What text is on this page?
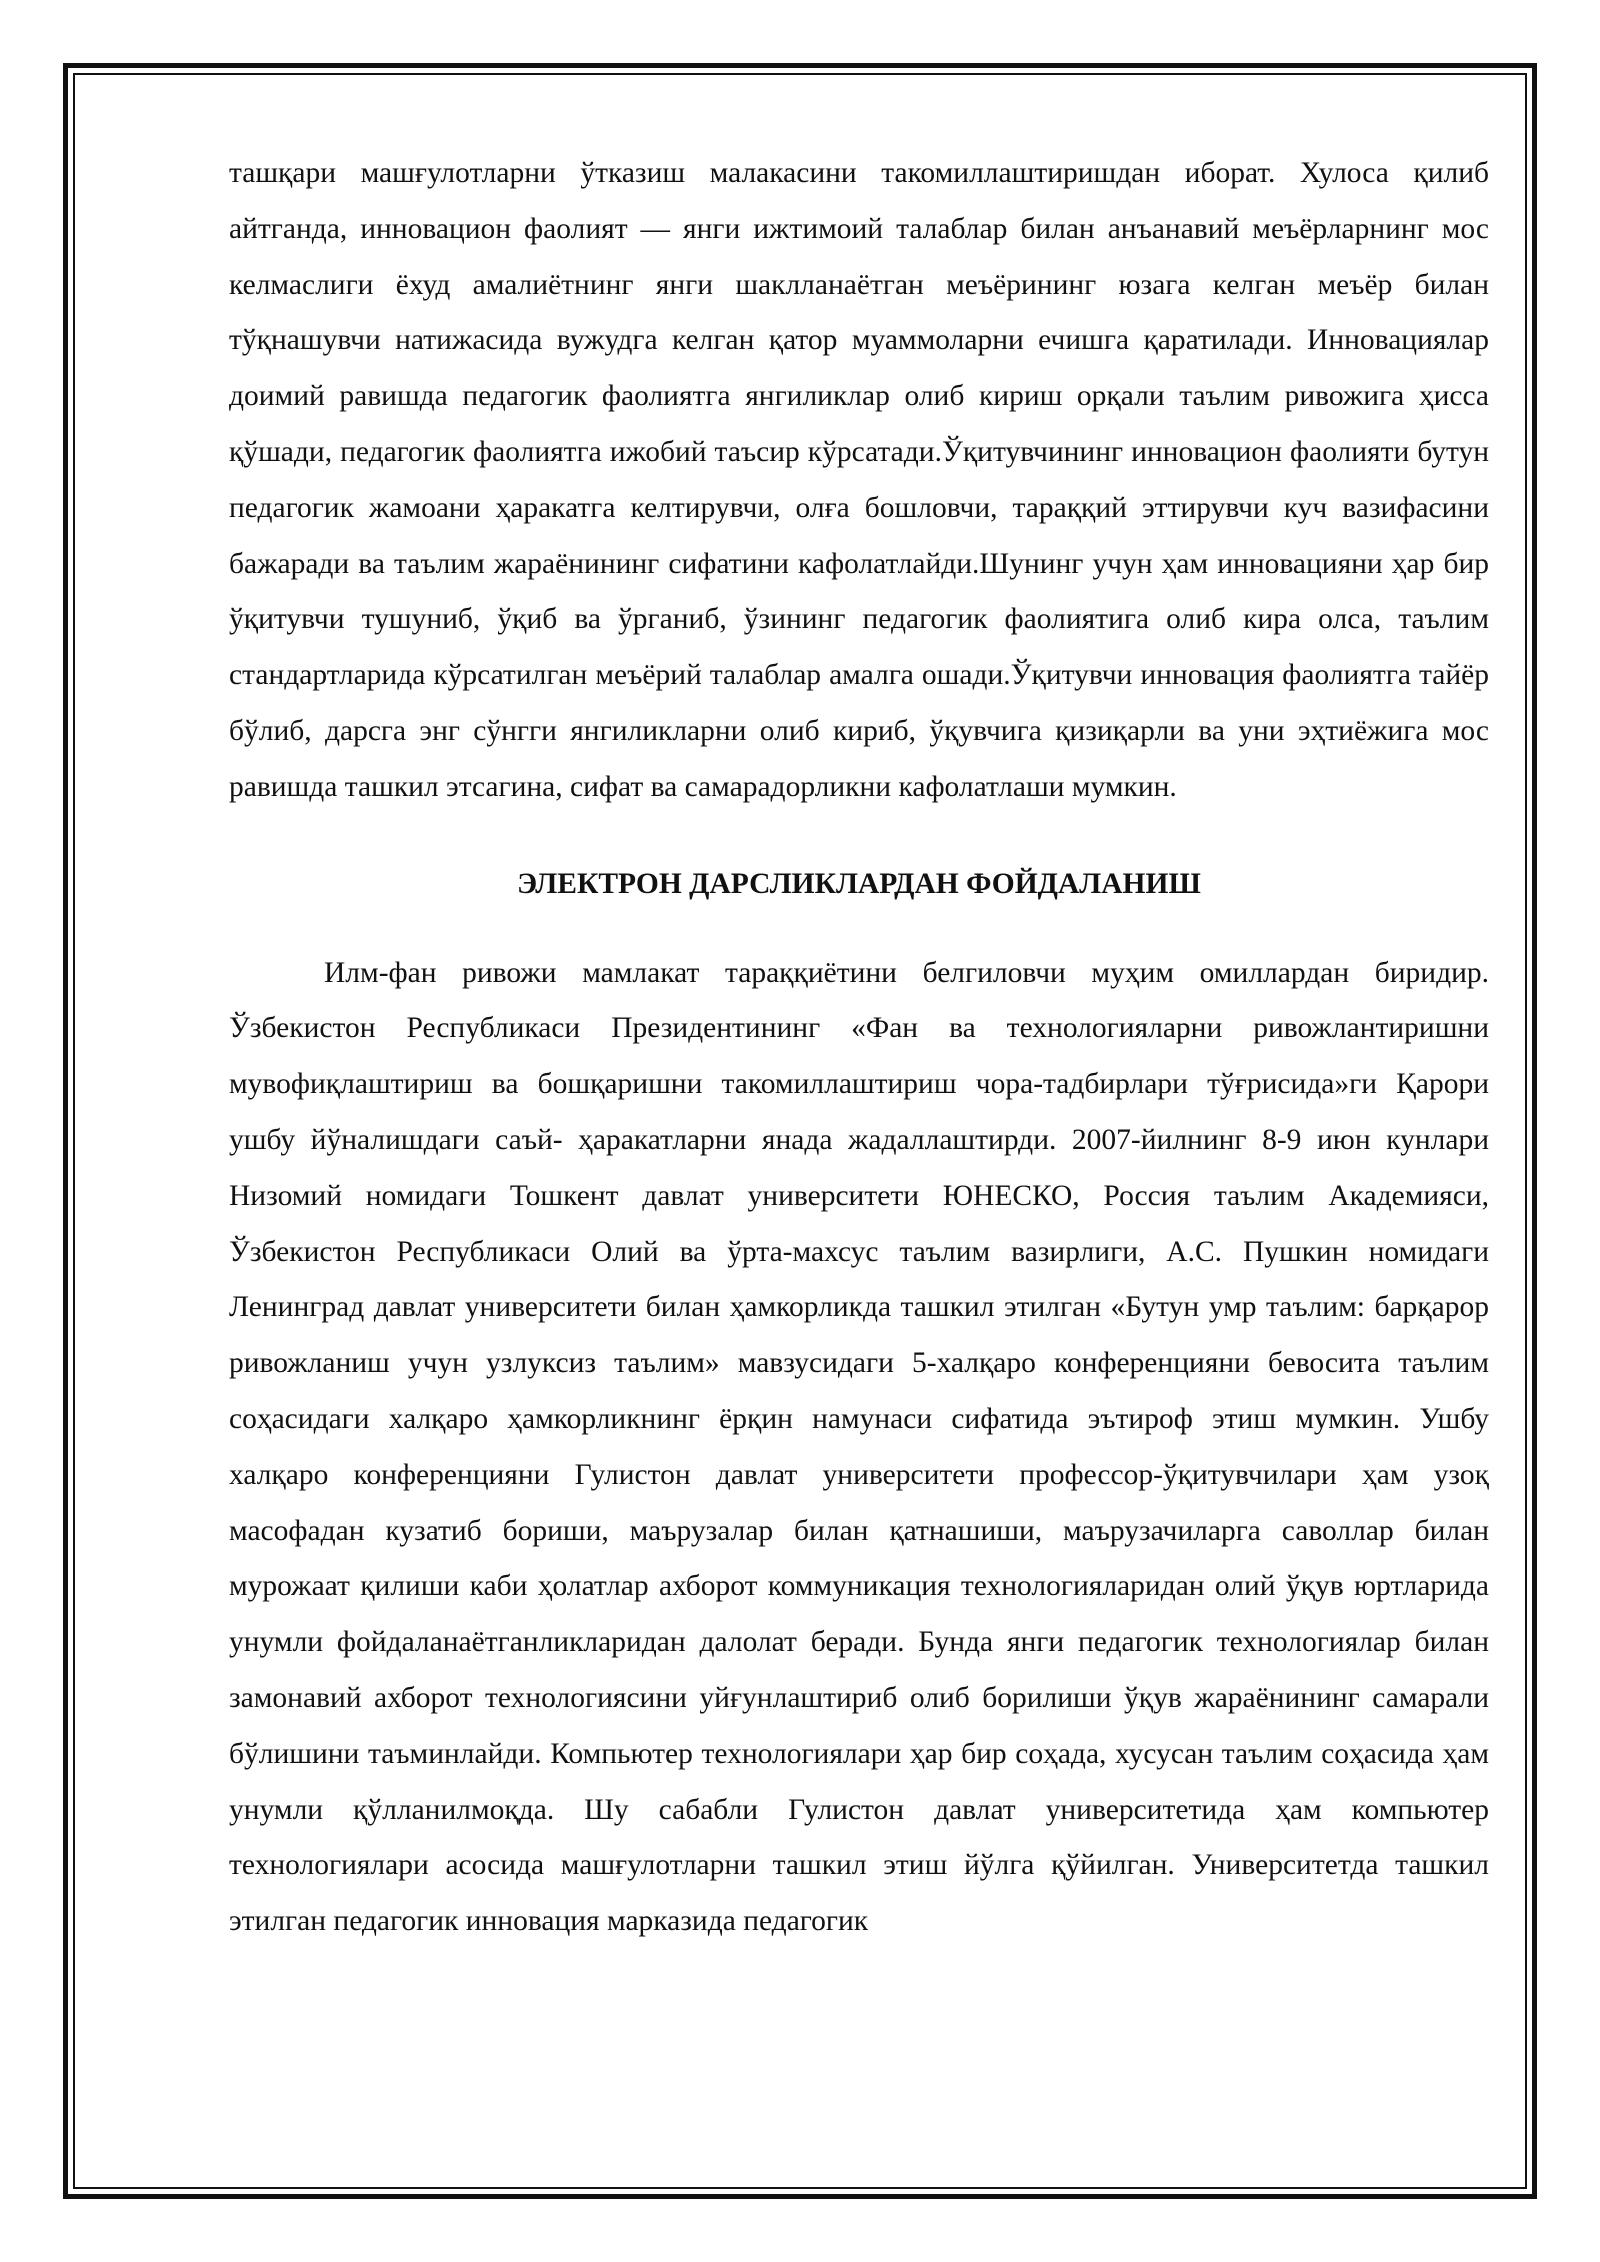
ташқари машғулотларни ўтказиш малакасини такомиллаштиришдан иборат. Хулоса қилиб айтганда, инновацион фаолият — янги ижтимоий талаблар билан анъанавий меъёрларнинг мос келмаслиги ёхуд амалиётнинг янги шаклланаётган меъёрининг юзага келган меъёр билан тўқнашувчи натижасида вужудга келган қатор муаммоларни ечишга қаратилади. Инновациялар доимий равишда педагогик фаолиятга янгиликлар олиб кириш орқали таълим ривожига ҳисса қўшади, педагогик фаолиятга ижобий таъсир кўрсатади.Ўқитувчининг инновацион фаолияти бутун педагогик жамоани ҳаракатга келтирувчи, олға бошловчи, тараққий эттирувчи куч вазифасини бажаради ва таълим жараёнининг сифатини кафолатлайди.Шунинг учун ҳам инновацияни ҳар бир ўқитувчи тушуниб, ўқиб ва ўрганиб, ўзининг педагогик фаолиятига олиб кира олса, таълим стандартларида кўрсатилган меъёрий талаблар амалга ошади.Ўқитувчи инновация фаолиятга тайёр бўлиб, дарсга энг сўнгги янгиликларни олиб кириб, ўқувчига қизиқарли ва уни эҳтиёжига мос равишда ташкил этсагина, сифат ва самарадорликни кафолатлаши мумкин.

ЭЛЕКТРОН ДАРСЛИКЛАРДАН ФОЙДАЛАНИШ

Илм-фан ривожи мамлакат тараққиётини белгиловчи муҳим омиллардан биридир. Ўзбекистон Республикаси Президентининг «Фан ва технологияларни ривожлантиришни мувофиқлаштириш ва бошқаришни такомиллаштириш чора-тадбирлари тўғрисида»ги Қарори ушбу йўналишдаги саъй- ҳаракатларни янада жадаллаштирди. 2007-йилнинг 8-9 июн кунлари Низомий номидаги Тошкент давлат университети ЮНЕСКО, Россия таълим Академияси, Ўзбекистон Республикаси Олий ва ўрта-махсус таълим вазирлиги, А.С. Пушкин номидаги Ленинград давлат университети билан ҳамкорликда ташкил этилган «Бутун умр таълим: барқарор ривожланиш учун узлуксиз таълим» мавзусидаги 5-халқаро конференцияни бевосита таълим соҳасидаги халқаро ҳамкорликнинг ёрқин намунаси сифатида эътироф этиш мумкин. Ушбу халқаро конференцияни Гулистон давлат университети профессор-ўқитувчилари ҳам узоқ масофадан кузатиб бориши, маърузалар билан қатнашиши, маърузачиларга саволлар билан мурожаат қилиши каби ҳолатлар ахборот коммуникация технологияларидан олий ўқув юртларида унумли фойдаланаётганликларидан далолат беради. Бунда янги педагогик технологиялар билан замонавий ахборот технологиясини уйғунлаштириб олиб борилиши ўқув жараёнининг самарали бўлишини таъминлайди. Компьютер технологиялари ҳар бир соҳада, хусусан таълим соҳасида ҳам унумли қўлланилмоқда. Шу сабабли Гулистон давлат университетида ҳам компьютер технологиялари асосида машғулотларни ташкил этиш йўлга қўйилган. Университетда ташкил этилган педагогик инновация марказида педагогик
